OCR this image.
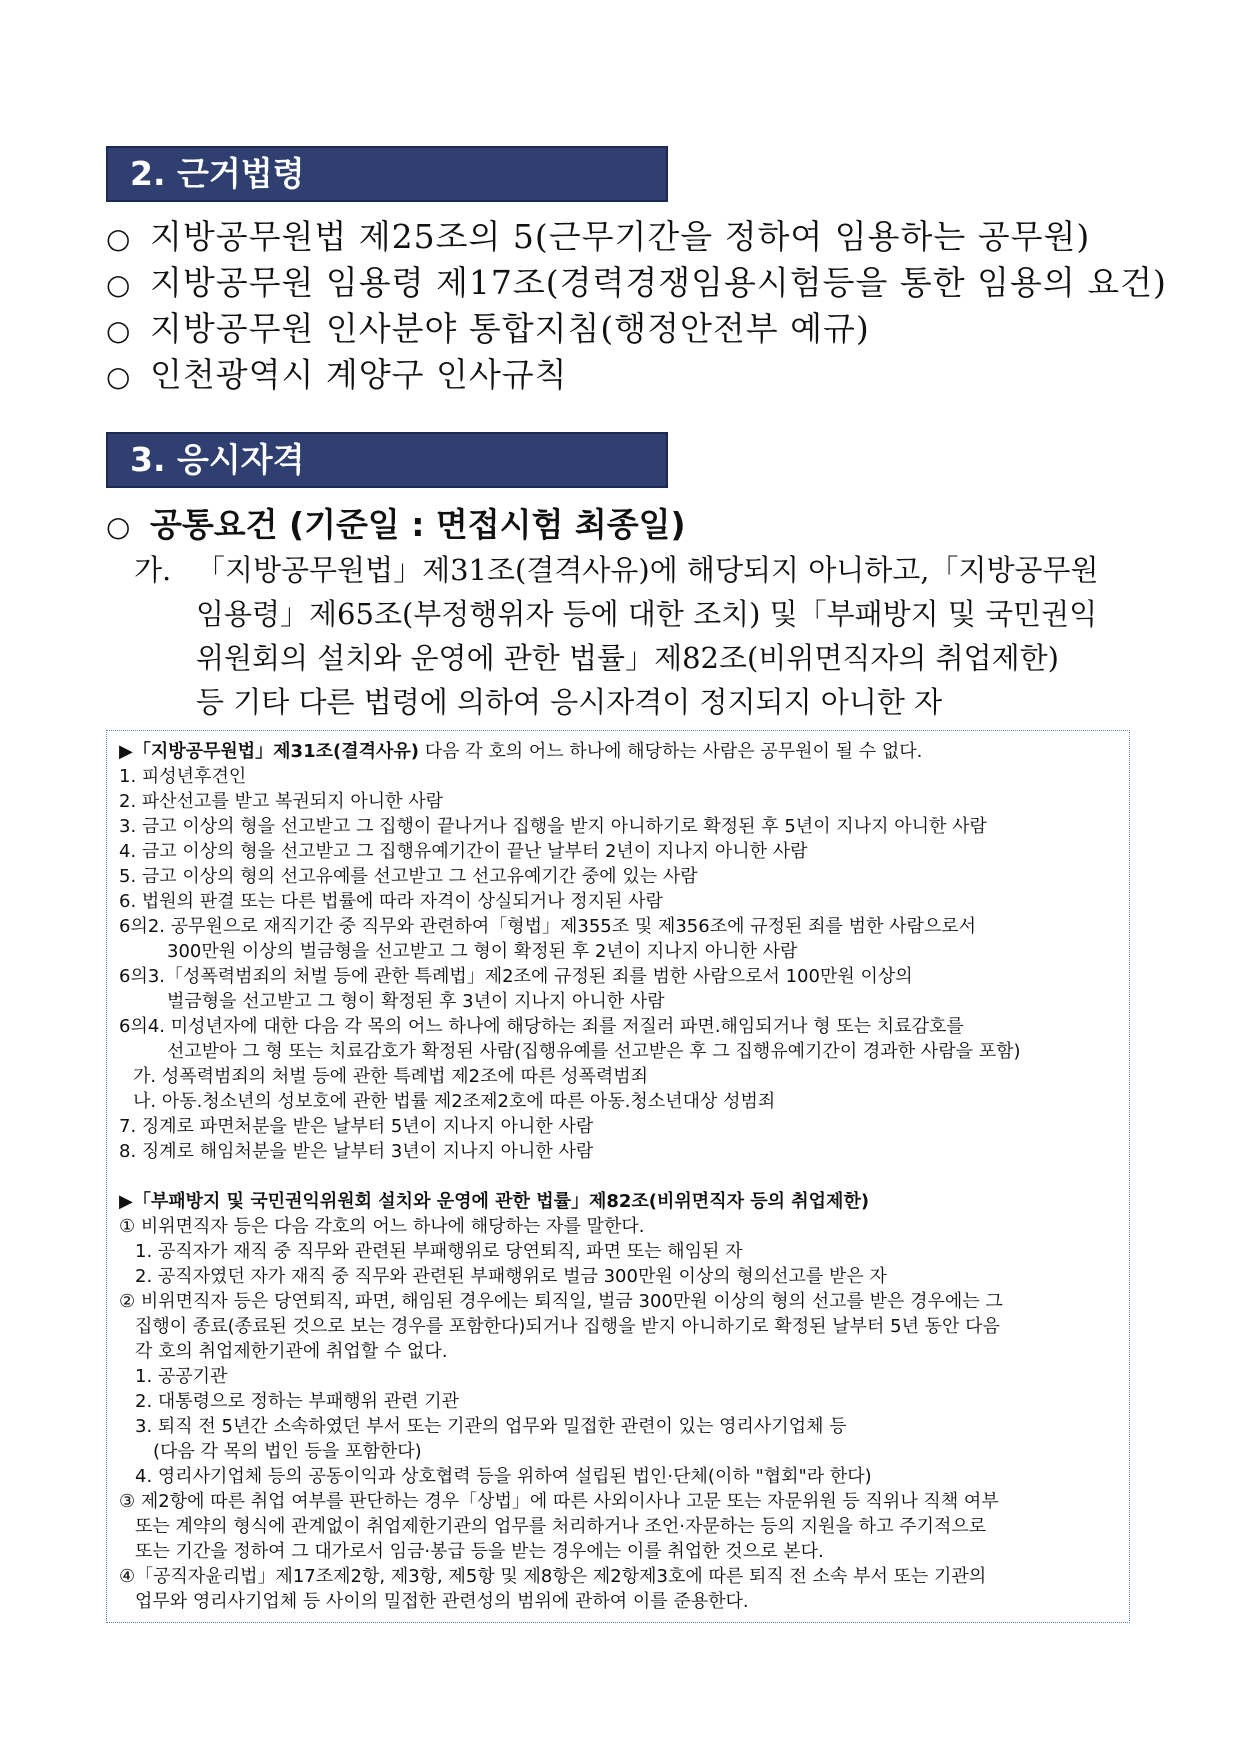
2. 근거법령
○ 지방공무원법 제25조의 5(근무기간을 정하여 임용하는 공무원)
○ 지방공무원 임용령 제17조(경력경쟁임용시험등을 통한 임용의 요건)
○ 지방공무원 인사분야 통합지침(행정안전부 예규)
○ 인천광역시 계양구 인사규칙
3. 응시자격
○ 공통요건 (기준일 : 면접시험 최종일)
가. 「지방공무원법」제31조(결격사유)에 해당되지 아니하고,「지방공무원
임용령」제65조(부정행위자 등에 대한 조치) 및「부패방지 및 국민권익
위원회의 설치와 운영에 관한 법률」제82조(비위면직자의 취업제한)
등 기타 다른 법령에 의하여 응시자격이 정지되지 아니한 자
▶「지방공무원법」제31조(결격사유) 다음 각 호의 어느 하나에 해당하는 사람은 공무원이 될 수 없다.
1. 피성년후견인
2. 파산선고를 받고 복권되지 아니한 사람
3. 금고 이상의 형을 선고받고 그 집행이 끝나거나 집행을 받지 아니하기로 확정된 후 5년이 지나지 아니한 사람
4. 금고 이상의 형을 선고받고 그 집행유예기간이 끝난 날부터 2년이 지나지 아니한 사람
5. 금고 이상의 형의 선고유예를 선고받고 그 선고유예기간 중에 있는 사람
6. 법원의 판결 또는 다른 법률에 따라 자격이 상실되거나 정지된 사람
6의2. 공무원으로 재직기간 중 직무와 관련하여「형법」제355조 및 제356조에 규정된 죄를 범한 사람으로서
300만원 이상의 벌금형을 선고받고 그 형이 확정된 후 2년이 지나지 아니한 사람
6의3.「성폭력범죄의 처벌 등에 관한 특례법」제2조에 규정된 죄를 범한 사람으로서 100만원 이상의
벌금형을 선고받고 그 형이 확정된 후 3년이 지나지 아니한 사람
6의4. 미성년자에 대한 다음 각 목의 어느 하나에 해당하는 죄를 저질러 파면.해임되거나 형 또는 치료감호를
선고받아 그 형 또는 치료감호가 확정된 사람(집행유예를 선고받은 후 그 집행유예기간이 경과한 사람을 포함)
가. 성폭력범죄의 처벌 등에 관한 특례법 제2조에 따른 성폭력범죄
나. 아동.청소년의 성보호에 관한 법률 제2조제2호에 따른 아동.청소년대상 성범죄
7. 징계로 파면처분을 받은 날부터 5년이 지나지 아니한 사람
8. 징계로 해임처분을 받은 날부터 3년이 지나지 아니한 사람
▶「부패방지 및 국민권익위원회 설치와 운영에 관한 법률」제82조(비위면직자 등의 취업제한)
① 비위면직자 등은 다음 각호의 어느 하나에 해당하는 자를 말한다.
1. 공직자가 재직 중 직무와 관련된 부패행위로 당연퇴직, 파면 또는 해임된 자
2. 공직자였던 자가 재직 중 직무와 관련된 부패행위로 벌금 300만원 이상의 형의선고를 받은 자
② 비위면직자 등은 당연퇴직, 파면, 해임된 경우에는 퇴직일, 벌금 300만원 이상의 형의 선고를 받은 경우에는 그
집행이 종료(종료된 것으로 보는 경우를 포함한다)되거나 집행을 받지 아니하기로 확정된 날부터 5년 동안 다음
각 호의 취업제한기관에 취업할 수 없다.
1. 공공기관
2. 대통령으로 정하는 부패행위 관련 기관
3. 퇴직 전 5년간 소속하였던 부서 또는 기관의 업무와 밀접한 관련이 있는 영리사기업체 등
(다음 각 목의 법인 등을 포함한다)
4. 영리사기업체 등의 공동이익과 상호협력 등을 위하여 설립된 법인·단체(이하 "협회"라 한다)
③ 제2항에 따른 취업 여부를 판단하는 경우「상법」에 따른 사외이사나 고문 또는 자문위원 등 직위나 직책 여부
또는 계약의 형식에 관계없이 취업제한기관의 업무를 처리하거나 조언·자문하는 등의 지원을 하고 주기적으로
또는 기간을 정하여 그 대가로서 임금·봉급 등을 받는 경우에는 이를 취업한 것으로 본다.
④「공직자윤리법」제17조제2항, 제3항, 제5항 및 제8항은 제2항제3호에 따른 퇴직 전 소속 부서 또는 기관의
업무와 영리사기업체 등 사이의 밀접한 관련성의 범위에 관하여 이를 준용한다.
